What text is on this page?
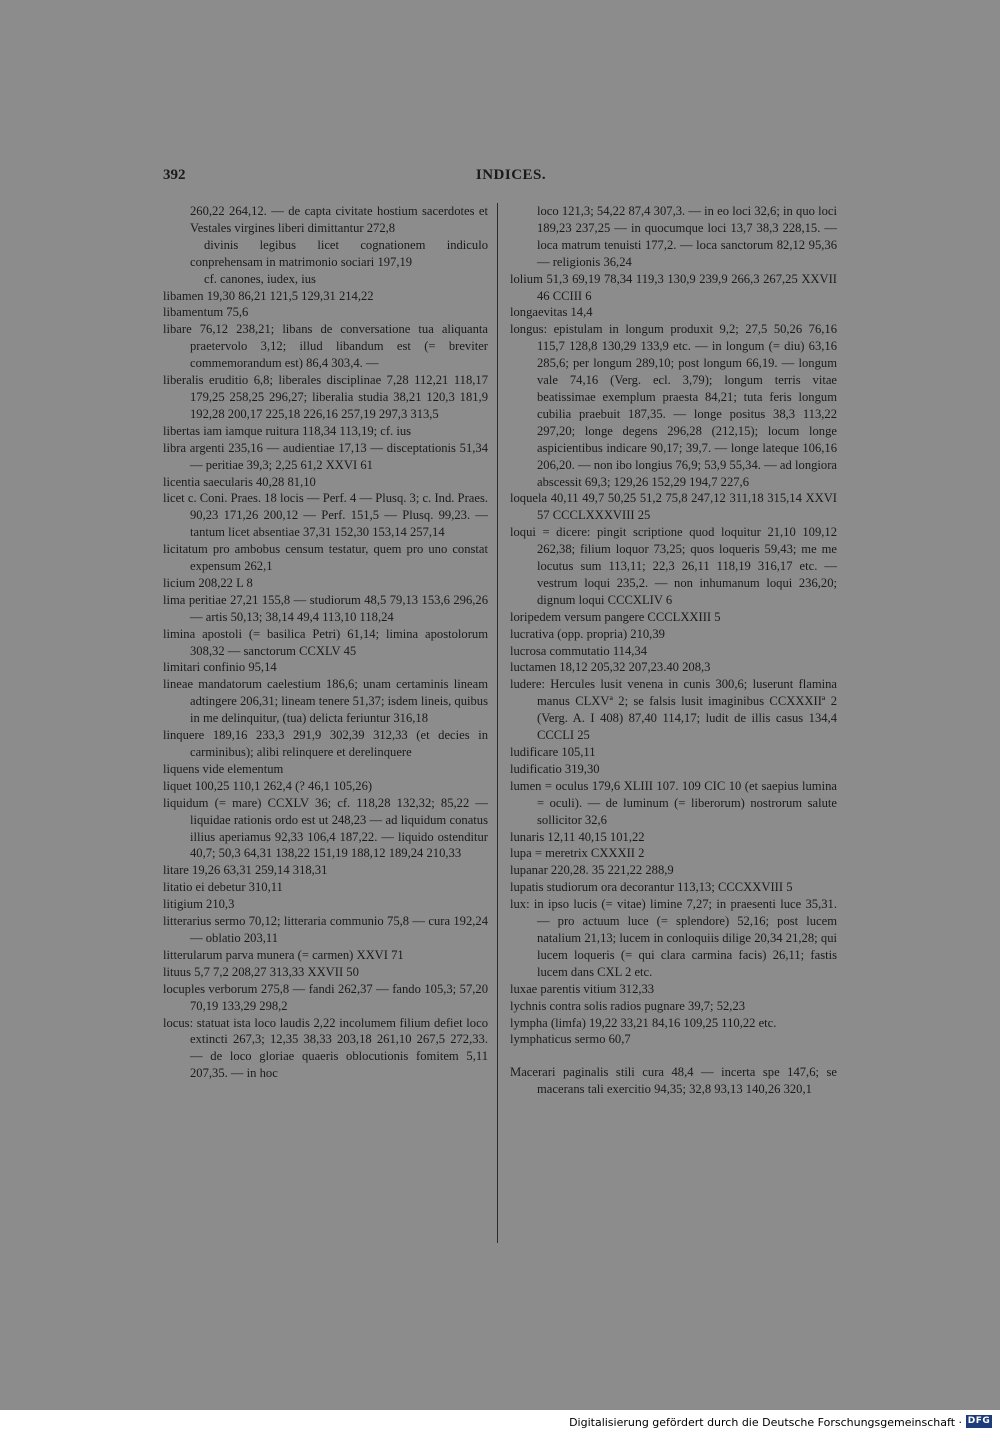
392	INDICES.
260,22 264,12. — de capta civitate hostium sacerdotes et Vestales virgines liberi dimittantur 272,8
divinis legibus licet cognationem indiculo conprehensam in matrimonio sociari 197,19
cf. canones, iudex, ius
libamen 19,30 86,21 121,5 129,31 214,22
libamentum 75,6
libare 76,12 238,21; libans de conversatione tua aliquanta praetervolo 3,12; illud libandum est (= breviter commemorandum est) 86,4 303,4. —
liberalis eruditio 6,8; liberales disciplinae 7,28 112,21 118,17 179,25 258,25 296,27; liberalia studia 38,21 120,3 181,9 192,28 200,17 225,18 226,16 257,19 297,3 313,5
libertas iam iamque ruitura 118,34 113,19; cf. ius
libra argenti 235,16 — audientiae 17,13 — disceptationis 51,34 — peritiae 39,3; 2,25 61,2 XXVI 61
licentia saecularis 40,28 81,10
licet c. Coni. Praes. 18 locis — Perf. 4 — Plusq. 3; c. Ind. Praes. 90,23 171,26 200,12 — Perf. 151,5 — Plusq. 99,23. — tantum licet absentiae 37,31 152,30 153,14 257,14
licitatum pro ambobus censum testatur, quem pro uno constat expensum 262,1
licium 208,22 L 8
lima peritiae 27,21 155,8 — studiorum 48,5 79,13 153,6 296,26 — artis 50,13; 38,14 49,4 113,10 118,24
limina apostoli (= basilica Petri) 61,14; limina apostolorum 308,32 — sanctorum CCXLV 45
limitari confinio 95,14
lineae mandatorum caelestium 186,6; unam certaminis lineam adtingere 206,31; lineam tenere 51,37; isdem lineis, quibus in me delinquitur, (tua) delicta feriuntur 316,18
linquere 189,16 233,3 291,9 302,39 312,33 (et decies in carminibus); alibi relinquere et derelinquere
liquens vide elementum
liquet 100,25 110,1 262,4 (? 46,1 105,26)
liquidum (= mare) CCXLV 36; cf. 118,28 132,32; 85,22 — liquidae rationis ordo est ut 248,23 — ad liquidum conatus illius aperiamus 92,33 106,4 187,22. — liquido ostenditur 40,7; 50,3 64,31 138,22 151,19 188,12 189,24 210,33
litare 19,26 63,31 259,14 318,31
litatio ei debetur 310,11
litigium 210,3
litterarius sermo 70,12; litteraria communio 75,8 — cura 192,24 — oblatio 203,11
litterularum parva munera (= carmen) XXVI 71
lituus 5,7 7,2 208,27 313,33 XXVII 50
locuples verborum 275,8 — fandi 262,37 — fando 105,3; 57,20 70,19 133,29 298,2
locus: statuat ista loco laudis 2,22 incolumem filium defiet loco extincti 267,3; 12,35 38,33 203,18 261,10 267,5 272,33. — de loco gloriae quaeris oblocutionis fomitem 5,11 207,35. — in hoc
loco 121,3; 54,22 87,4 307,3. — in eo loci 32,6; in quo loci 189,23 237,25 — in quocumque loci 13,7 38,3 228,15. — loca matrum tenuisti 177,2. — loca sanctorum 82,12 95,36 — religionis 36,24
lolium 51,3 69,19 78,34 119,3 130,9 239,9 266,3 267,25 XXVII 46 CCIII 6
longaevitas 14,4
longus: epistulam in longum produxit 9,2; 27,5 50,26 76,16 115,7 128,8 130,29 133,9 etc. — in longum (= diu) 63,16 285,6; per longum 289,10; post longum 66,19. — longum vale 74,16 (Verg. ecl. 3,79); longum terris vitae beatissimae exemplum praesta 84,21; tuta feris longum cubilia praebuit 187,35. — longe positus 38,3 113,22 297,20; longe degens 296,28 (212,15); locum longe aspicientibus indicare 90,17; 39,7. — longe lateque 106,16 206,20. — non ibo longius 76,9; 53,9 55,34. — ad longiora abscessit 69,3; 129,26 152,29 194,7 227,6
loquela 40,11 49,7 50,25 51,2 75,8 247,12 311,18 315,14 XXVI 57 CCCLXXXVIII 25
loqui = dicere: pingit scriptione quod loquitur 21,10 109,12 262,38; filium loquor 73,25; quos loqueris 59,43; me me locutus sum 113,11; 22,3 26,11 118,19 316,17 etc. — vestrum loqui 235,2. — non inhumanum loqui 236,20; dignum loqui CCCXLIV 6
loripedem versum pangere CCCLXXIII 5
lucrativa (opp. propria) 210,39
lucrosa commutatio 114,34
luctamen 18,12 205,32 207,23.40 208,3
ludere: Hercules lusit venena in cunis 300,6; luserunt flamina manus CLXVª 2; se falsis lusit imaginibus CCXXXIIª 2 (Verg. A. I 408) 87,40 114,17; ludit de illis casus 134,4 CCCLI 25
ludificare 105,11
ludificatio 319,30
lumen = oculus 179,6 XLIII 107. 109 CIC 10 (et saepius lumina = oculi). — de luminum (= liberorum) nostrorum salute sollicitor 32,6
lunaris 12,11 40,15 101,22
lupa = meretrix CXXXII 2
lupanar 220,28. 35 221,22 288,9
lupatis studiorum ora decorantur 113,13; CCCXXVIII 5
lux: in ipso lucis (= vitae) limine 7,27; in praesenti luce 35,31. — pro actuum luce (= splendore) 52,16; post lucem natalium 21,13; lucem in conloquiis dilige 20,34 21,28; qui lucem loqueris (= qui clara carmina facis) 26,11; fastis lucem dans CXL 2 etc.
luxae parentis vitium 312,33
lychnis contra solis radios pugnare 39,7; 52,23
lympha (limfa) 19,22 33,21 84,16 109,25 110,22 etc.
lymphaticus sermo 60,7
Macerari paginalis stili cura 48,4 — incerta spe 147,6; se macerans tali exercitio 94,35; 32,8 93,13 140,26 320,1
Digitalisierung gefördert durch die Deutsche Forschungsgemeinschaft · DFG
